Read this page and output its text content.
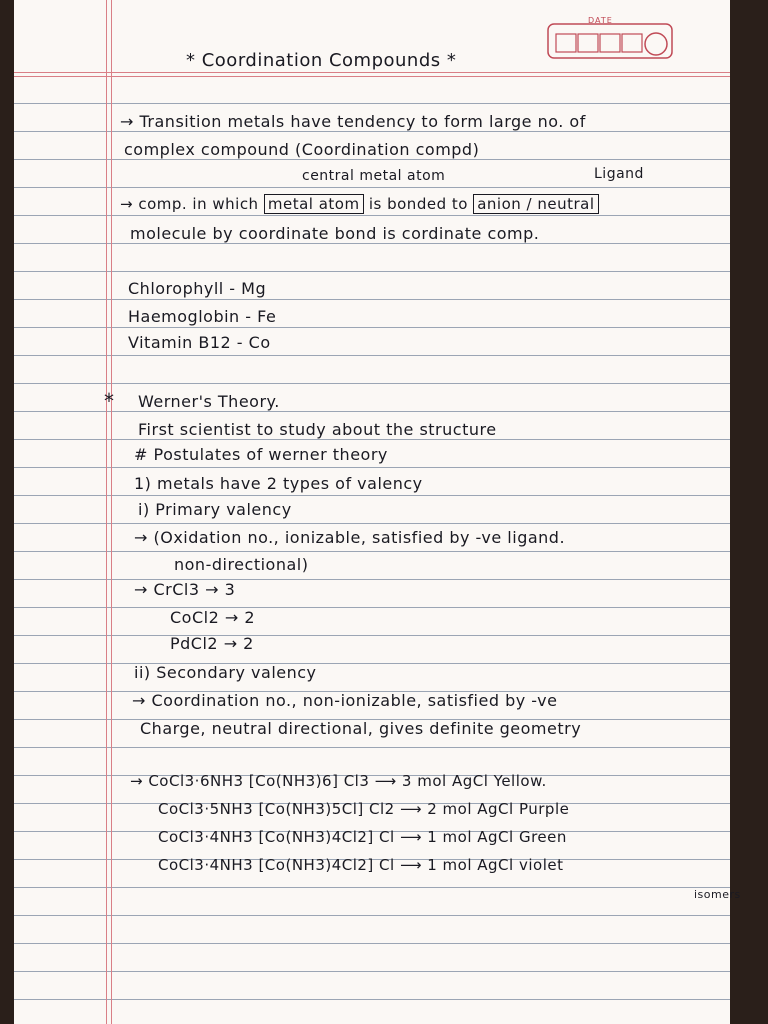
DATE
* Coordination Compounds *
→ Transition metals have tendency to form large no. of
complex compound (Coordination compd)
central metal atom	Ligand
→ comp. in which metal atom is bonded to anion / neutral
molecule by coordinate bond is cordinate comp.
Chlorophyll - Mg
Haemoglobin - Fe
Vitamin B12 - Co
* Werner's Theory.
First scientist to study about the structure
# Postulates of werner theory
1) metals have 2 types of valency
i) Primary valency
→ (Oxidation no., ionizable, satisfied by -ve ligand.
non-directional)
→ CrCl3 → 3
CoCl2 → 2
PdCl2 → 2
ii) Secondary valency
→ Coordination no., non-ionizable, satisfied by -ve
Charge, neutral directional, gives definite geometry
→ CoCl3·6NH3 [Co(NH3)6] Cl3 ⟶ 3 mol AgCl Yellow.
CoCl3·5NH3 [Co(NH3)5Cl] Cl2 ⟶ 2 mol AgCl Purple
CoCl3·4NH3 [Co(NH3)4Cl2] Cl ⟶ 1 mol AgCl Green
CoCl3·4NH3 [Co(NH3)4Cl2] Cl ⟶ 1 mol AgCl violet
isomers
